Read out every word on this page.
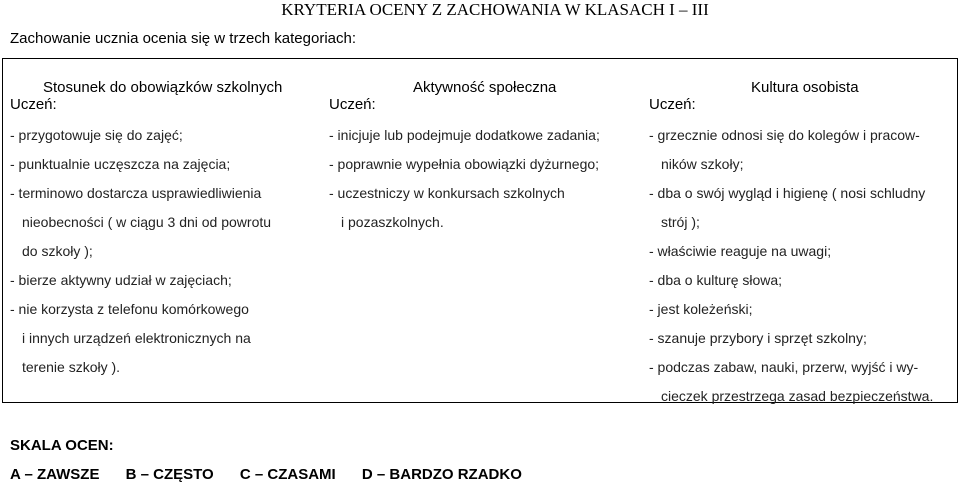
KRYTERIA OCENY Z ZACHOWANIA W KLASACH I – III
Zachowanie ucznia ocenia się w trzech kategoriach:
Stosunek do obowiązków szkolnych
Uczeń:
- przygotowuje się do zajęć;
- punktualnie uczęszcza na zajęcia;
- terminowo dostarcza usprawiedliwienia
nieobecności ( w ciągu 3 dni od powrotu
do szkoły );
- bierze aktywny udział w zajęciach;
- nie korzysta z telefonu komórkowego
i innych urządzeń elektronicznych na
terenie szkoły ).
Aktywność społeczna
Uczeń:
- inicjuje lub podejmuje dodatkowe zadania;
- poprawnie wypełnia obowiązki dyżurnego;
- uczestniczy w konkursach szkolnych
i pozaszkolnych.
Kultura osobista
Uczeń:
- grzecznie odnosi się do kolegów i pracow-
ników szkoły;
- dba o swój wygląd i higienę ( nosi schludny
strój );
- właściwie reaguje na uwagi;
- dba o kulturę słowa;
- jest koleżeński;
- szanuje przybory i sprzęt szkolny;
- podczas zabaw, nauki, przerw, wyjść i wy-
cieczek przestrzega zasad bezpieczeństwa.
SKALA OCEN:
A – ZAWSZE B – CZĘSTO C – CZASAMI D – BARDZO RZADKO
